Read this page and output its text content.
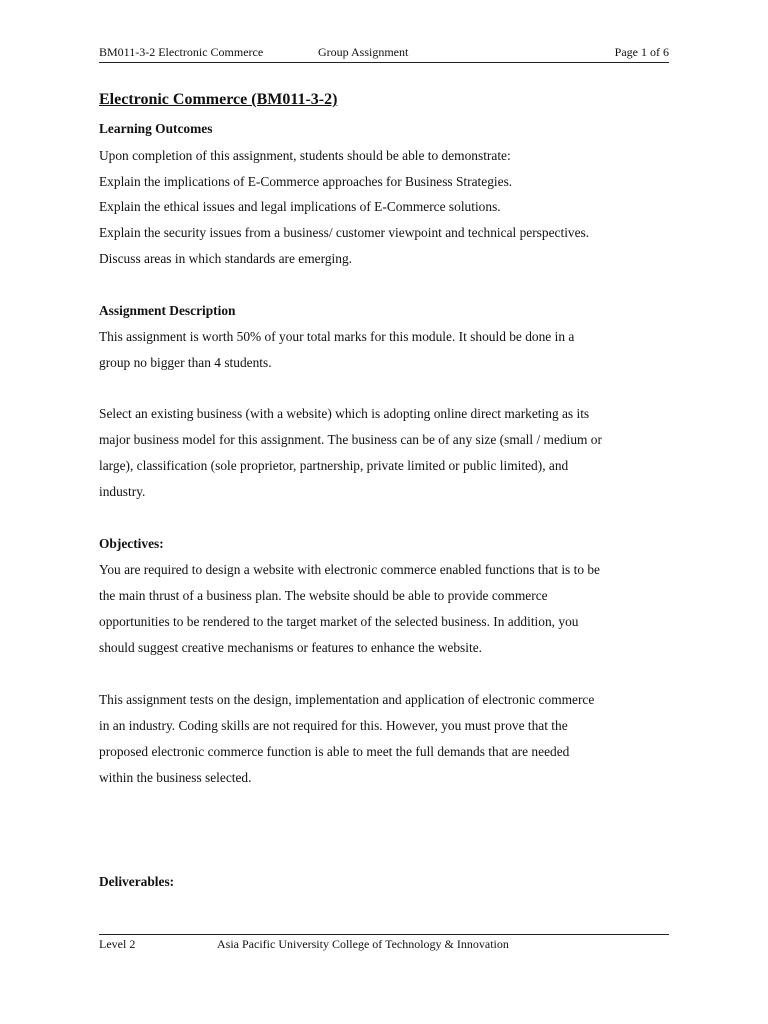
BM011-3-2 Electronic Commerce	Group Assignment	Page 1 of 6
Electronic Commerce (BM011-3-2)
Learning Outcomes
Upon completion of this assignment, students should be able to demonstrate:
Explain the implications of E-Commerce approaches for Business Strategies.
Explain the ethical issues and legal implications of E-Commerce solutions.
Explain the security issues from a business/ customer viewpoint and technical perspectives.
Discuss areas in which standards are emerging.
Assignment Description
This assignment is worth 50% of your total marks for this module. It should be done in a
group no bigger than 4 students.
Select an existing business (with a website) which is adopting online direct marketing as its
major business model for this assignment. The business can be of any size (small / medium or
large), classification (sole proprietor, partnership, private limited or public limited), and
industry.
Objectives:
You are required to design a website with electronic commerce enabled functions that is to be
the main thrust of a business plan. The website should be able to provide commerce
opportunities to be rendered to the target market of the selected business. In addition, you
should suggest creative mechanisms or features to enhance the website.
This assignment tests on the design, implementation and application of electronic commerce
in an industry. Coding skills are not required for this. However, you must prove that the
proposed electronic commerce function is able to meet the full demands that are needed
within the business selected.
Deliverables:
Level 2	Asia Pacific University College of Technology & Innovation
